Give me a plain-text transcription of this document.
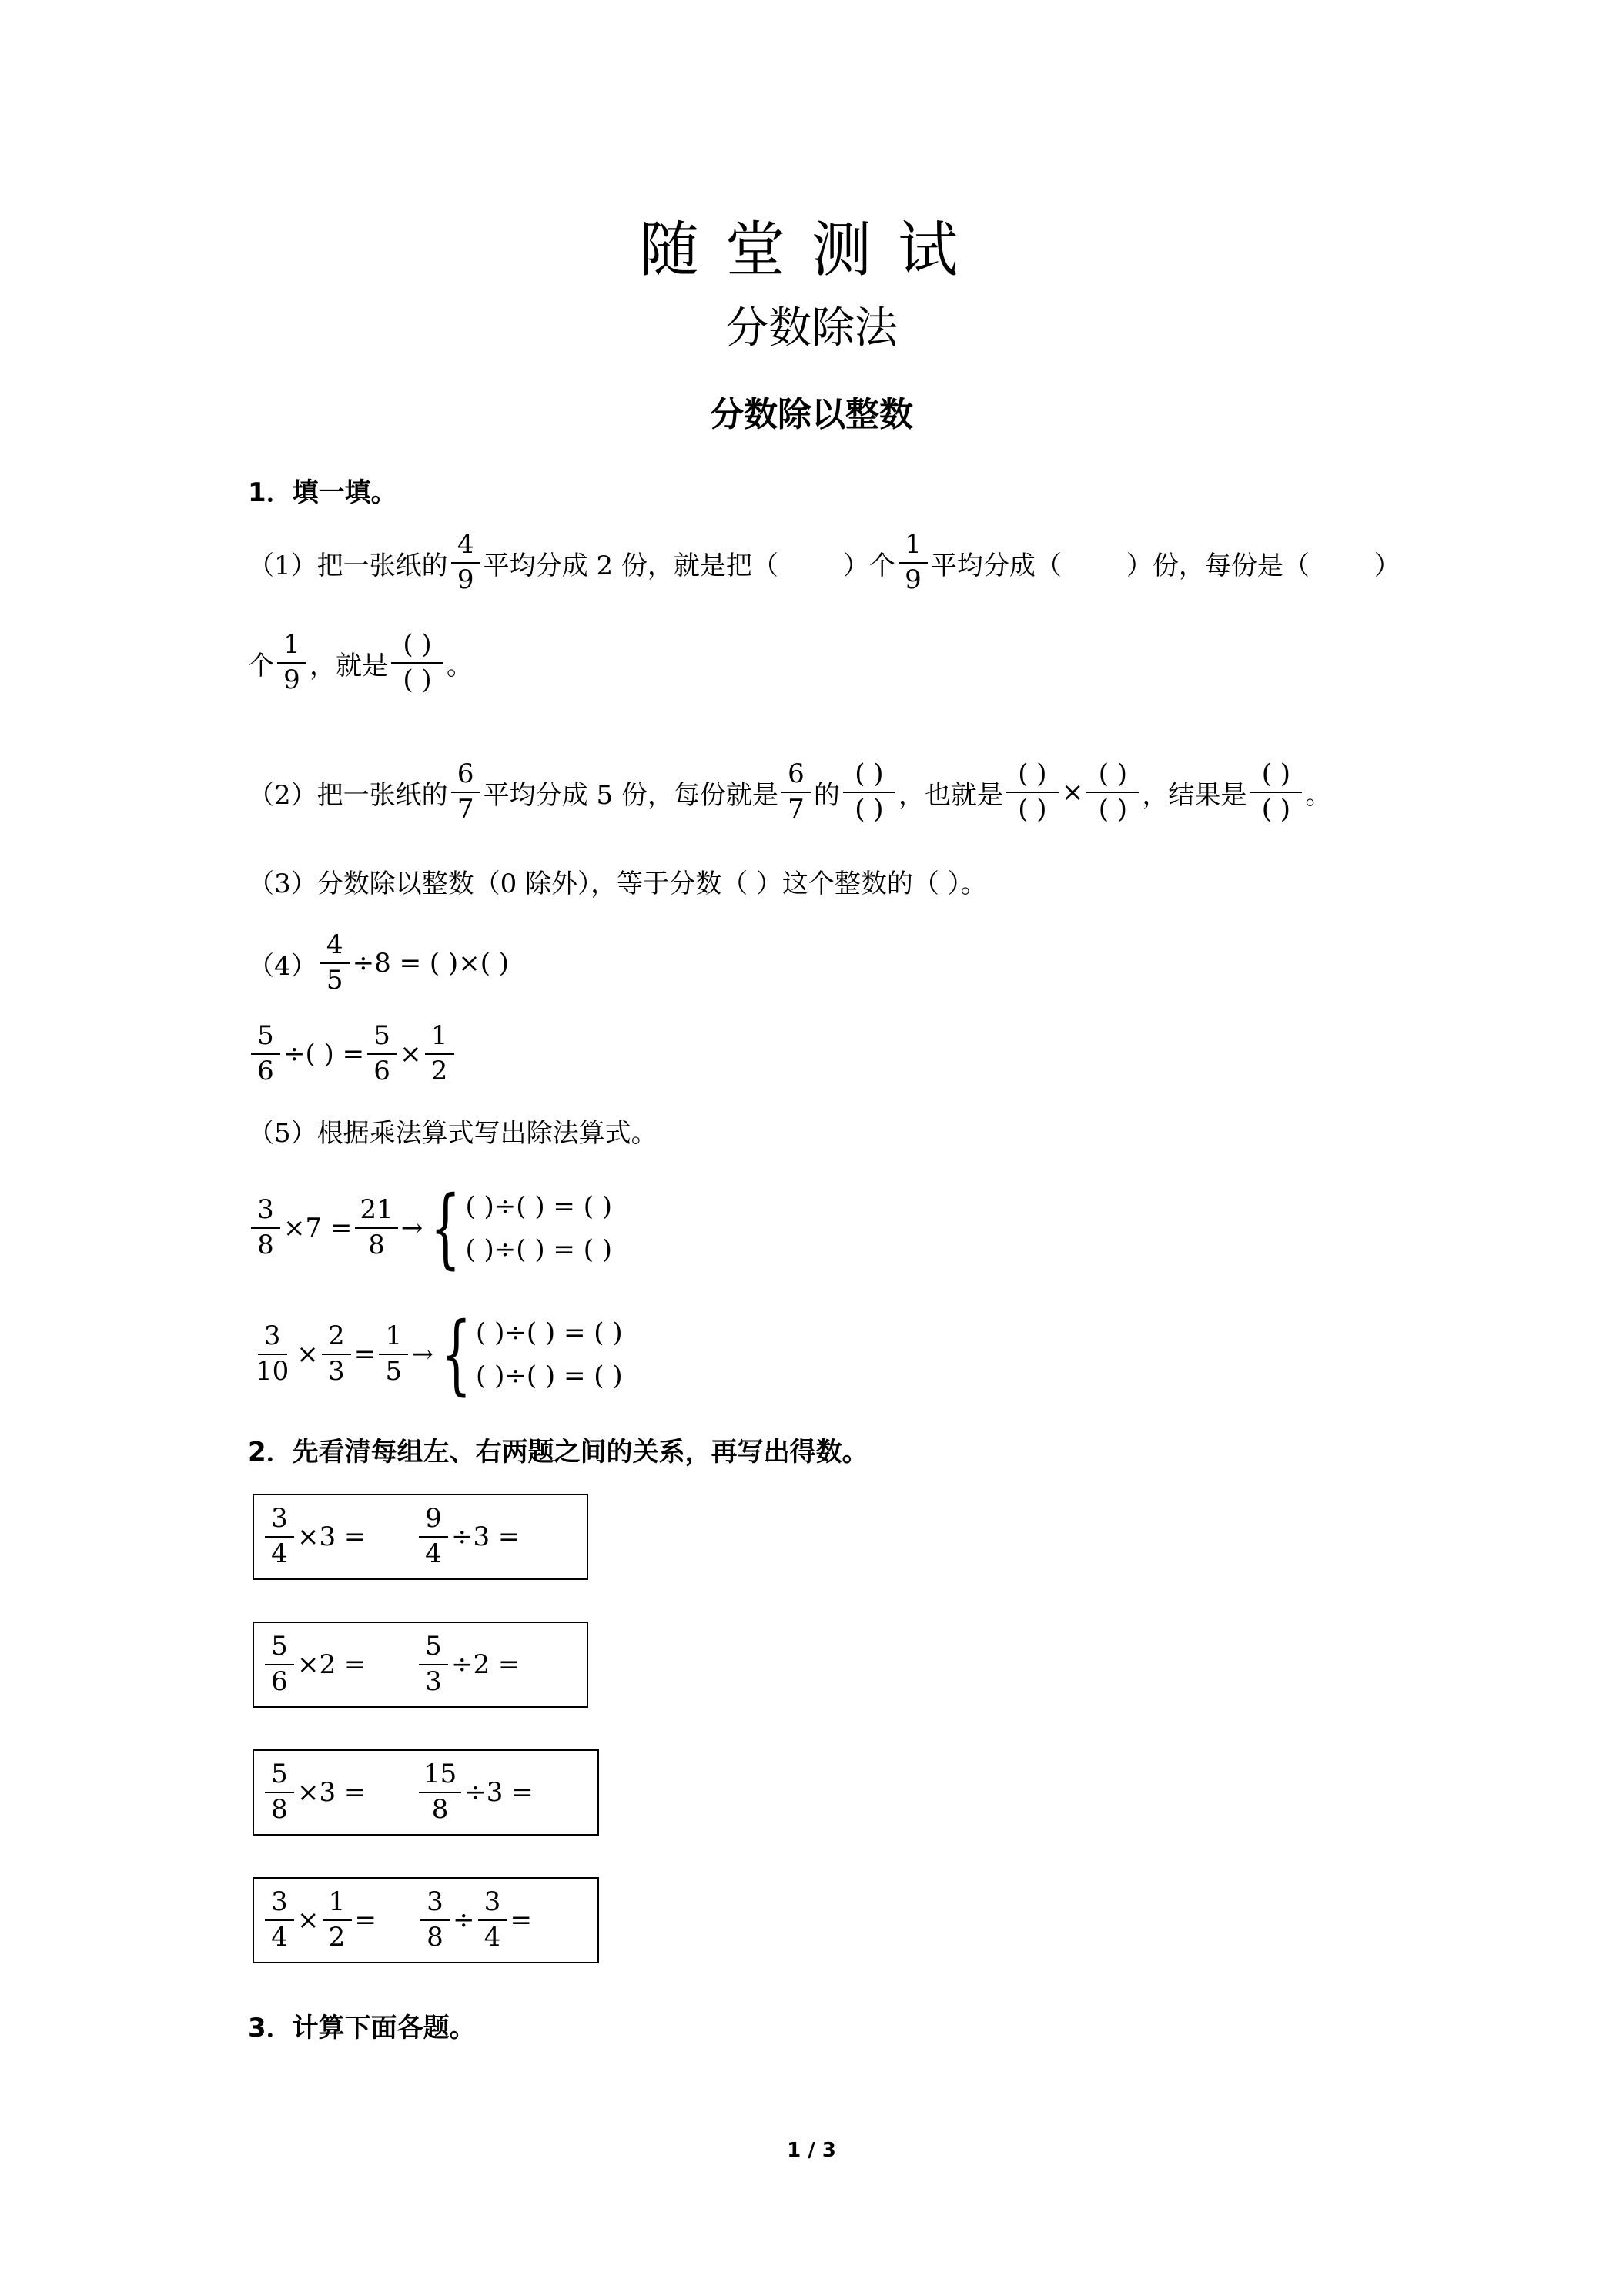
随堂测试
分数除法
分数除以整数
1．填一填。
（1）把一张纸的 $\frac{4}{9}$ 平均分成 2 份，就是把（ ）个 $\frac{1}{9}$ 平均分成（ ）份，每份是（ ）
个 $\frac{1}{9}$ ，就是 $\frac{( )}{( )}$ 。
（2）把一张纸的 $\frac{6}{7}$ 平均分成 5 份，每份就是 $\frac{6}{7}$ 的 $\frac{( )}{( )}$ ，也就是 $\frac{( )}{( )} \times \frac{( )}{( )}$ ，结果是 $\frac{( )}{( )}$ 。
（3）分数除以整数（0 除外），等于分数（ ）这个整数的（ ）。
$(4) \frac{4}{5} \div 8$ = ( )×( )
$\frac{5}{6}$ ÷( ) = $\frac{5}{6} \times \frac{1}{2}$
（5）根据乘法算式写出除法算式。
$\frac{3}{8} \times 7 = \frac{21}{8}$ → { ( )÷( ) = ( )
( )÷( ) = ( )
$\frac{3}{10} \times \frac{2}{3} = \frac{1}{5}$ → { ( )÷( ) = ( )
( )÷( ) = ( )
2．先看清每组左、右两题之间的关系，再写出得数。
$\frac{3}{4} \times 3 = \frac{9}{4} \div 3$ =
$\frac{5}{6} \times 2 = \frac{5}{3} \div 2$ =
$\frac{5}{8} \times 3 = \frac{15}{8} \div 3$ =
$\frac{3}{4} \times \frac{1}{2} = \frac{3}{8} \div \frac{3}{4}$ =
3．计算下面各题。
1 / 3
